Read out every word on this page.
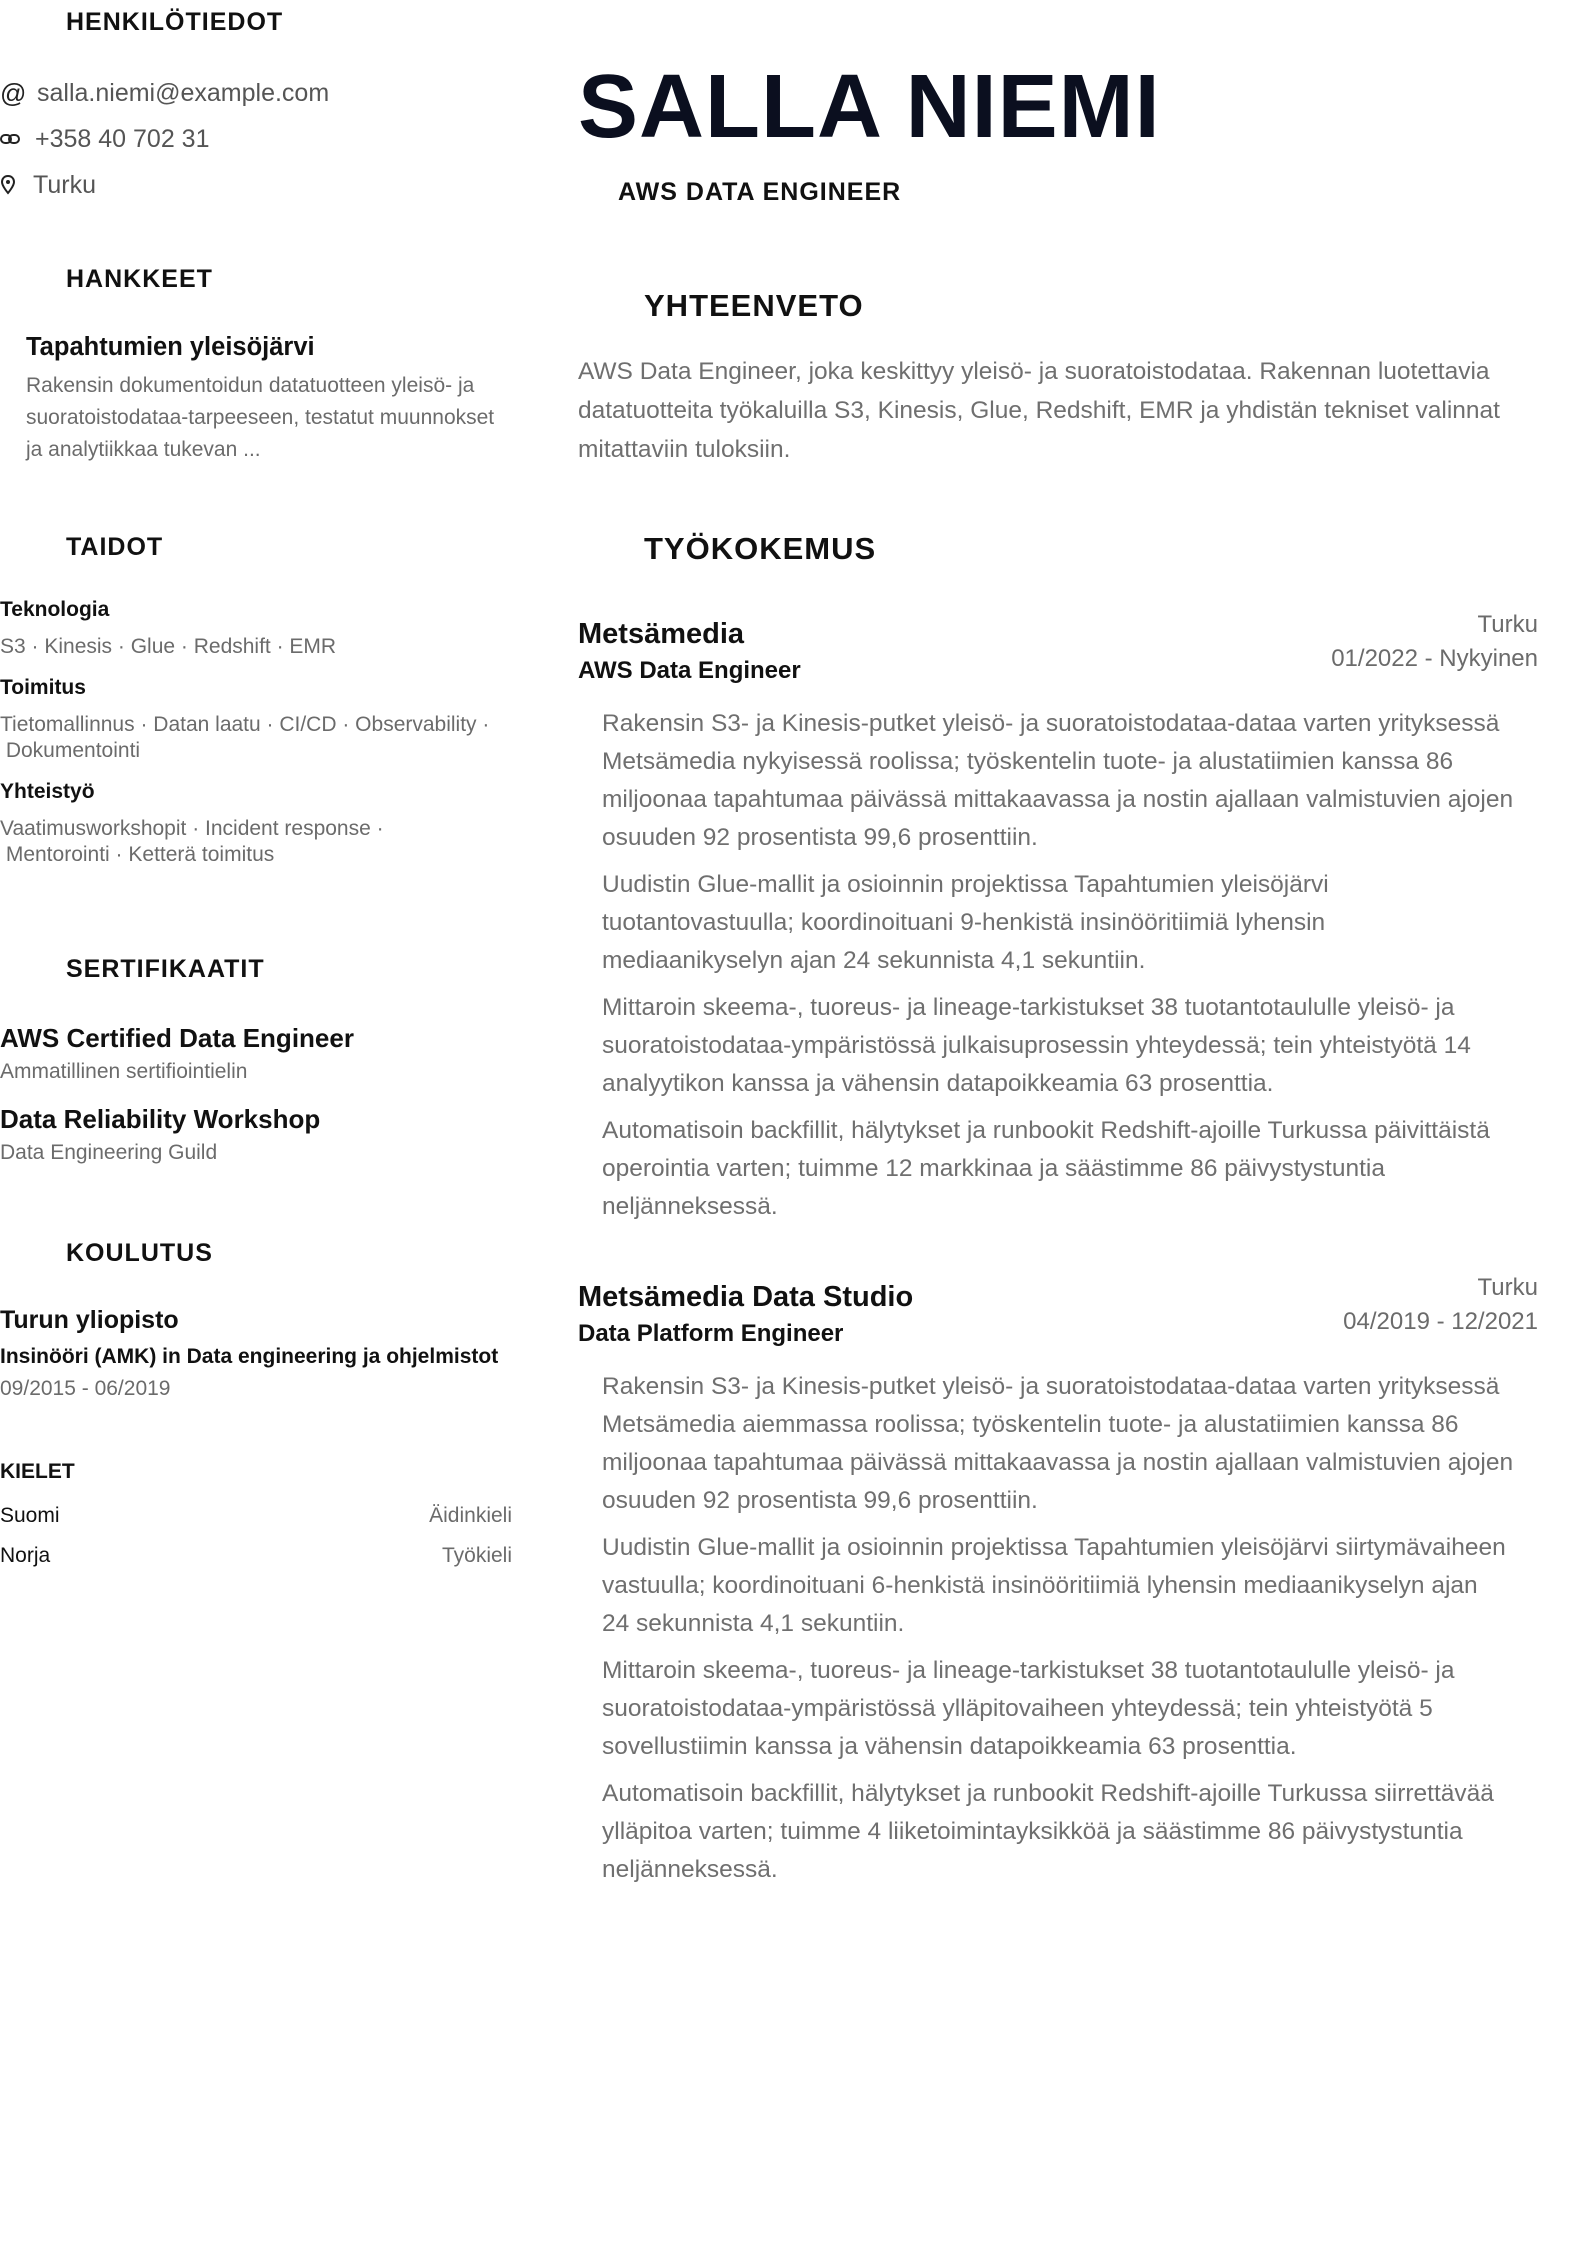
HENKILÖTIEDOT
@ salla.niemi@example.com
+358 40 702 31
Turku
HANKKEET
Tapahtumien yleisöjärvi
Rakensin dokumentoidun datatuotteen yleisö- ja
suoratoistodataa-tarpeeseen, testatut muunnokset
ja analytiikkaa tukevan ...
TAIDOT
Teknologia
S3 · Kinesis · Glue · Redshift · EMR
Toimitus
Tietomallinnus · Datan laatu · CI/CD · Observability ·
Dokumentointi
Yhteistyö
Vaatimusworkshopit · Incident response ·
Mentorointi · Ketterä toimitus
SERTIFIKAATIT
AWS Certified Data Engineer
Ammatillinen sertifiointielin
Data Reliability Workshop
Data Engineering Guild
KOULUTUS
Turun yliopisto
Insinööri (AMK) in Data engineering ja ohjelmistot
09/2015 - 06/2019
KIELET
Suomi	Äidinkieli
Norja	Työkieli
SALLA NIEMI
AWS DATA ENGINEER
YHTEENVETO
AWS Data Engineer, joka keskittyy yleisö- ja suoratoistodataa. Rakennan luotettavia
datatuotteita työkaluilla S3, Kinesis, Glue, Redshift, EMR ja yhdistän tekniset valinnat
mitattaviin tuloksiin.
TYÖKOKEMUS
Metsämedia
AWS Data Engineer
Turku
01/2022 - Nykyinen
Rakensin S3- ja Kinesis-putket yleisö- ja suoratoistodataa-dataa varten yrityksessä
Metsämedia nykyisessä roolissa; työskentelin tuote- ja alustatiimien kanssa 86
miljoonaa tapahtumaa päivässä mittakaavassa ja nostin ajallaan valmistuvien ajojen
osuuden 92 prosentista 99,6 prosenttiin.
Uudistin Glue-mallit ja osioinnin projektissa Tapahtumien yleisöjärvi
tuotantovastuulla; koordinoituani 9-henkistä insinööritiimiä lyhensin
mediaanikyselyn ajan 24 sekunnista 4,1 sekuntiin.
Mittaroin skeema-, tuoreus- ja lineage-tarkistukset 38 tuotantotaululle yleisö- ja
suoratoistodataa-ympäristössä julkaisuprosessin yhteydessä; tein yhteistyötä 14
analyytikon kanssa ja vähensin datapoikkeamia 63 prosenttia.
Automatisoin backfillit, hälytykset ja runbookit Redshift-ajoille Turkussa päivittäistä
operointia varten; tuimme 12 markkinaa ja säästimme 86 päivystystuntia
neljänneksessä.
Metsämedia Data Studio
Data Platform Engineer
Turku
04/2019 - 12/2021
Rakensin S3- ja Kinesis-putket yleisö- ja suoratoistodataa-dataa varten yrityksessä
Metsämedia aiemmassa roolissa; työskentelin tuote- ja alustatiimien kanssa 86
miljoonaa tapahtumaa päivässä mittakaavassa ja nostin ajallaan valmistuvien ajojen
osuuden 92 prosentista 99,6 prosenttiin.
Uudistin Glue-mallit ja osioinnin projektissa Tapahtumien yleisöjärvi siirtymävaiheen
vastuulla; koordinoituani 6-henkistä insinööritiimiä lyhensin mediaanikyselyn ajan
24 sekunnista 4,1 sekuntiin.
Mittaroin skeema-, tuoreus- ja lineage-tarkistukset 38 tuotantotaululle yleisö- ja
suoratoistodataa-ympäristössä ylläpitovaiheen yhteydessä; tein yhteistyötä 5
sovellustiimin kanssa ja vähensin datapoikkeamia 63 prosenttia.
Automatisoin backfillit, hälytykset ja runbookit Redshift-ajoille Turkussa siirrettävää
ylläpitoa varten; tuimme 4 liiketoimintayksikköä ja säästimme 86 päivystystuntia
neljänneksessä.
